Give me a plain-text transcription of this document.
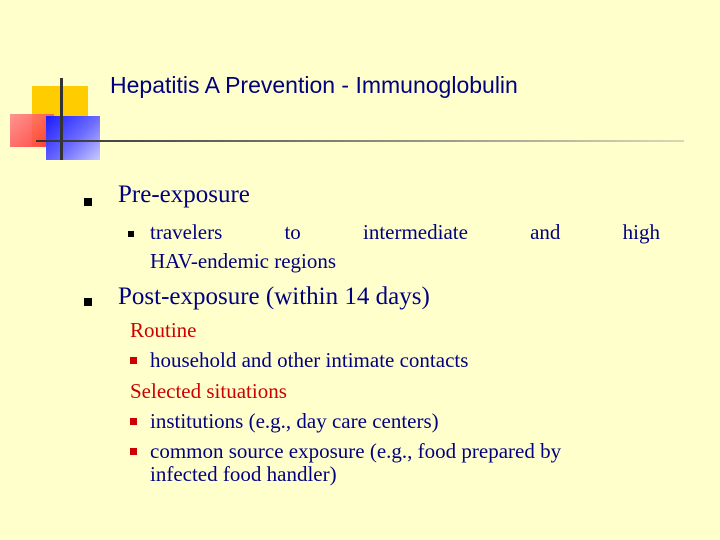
Hepatitis A Prevention - Immunoglobulin
Pre-exposure
travelers	to	intermediate	and	high
HAV-endemic regions
Post-exposure (within 14 days)
Routine
household and other intimate contacts
Selected situations
institutions (e.g., day care centers)
common source exposure (e.g., food prepared by
infected food handler)
